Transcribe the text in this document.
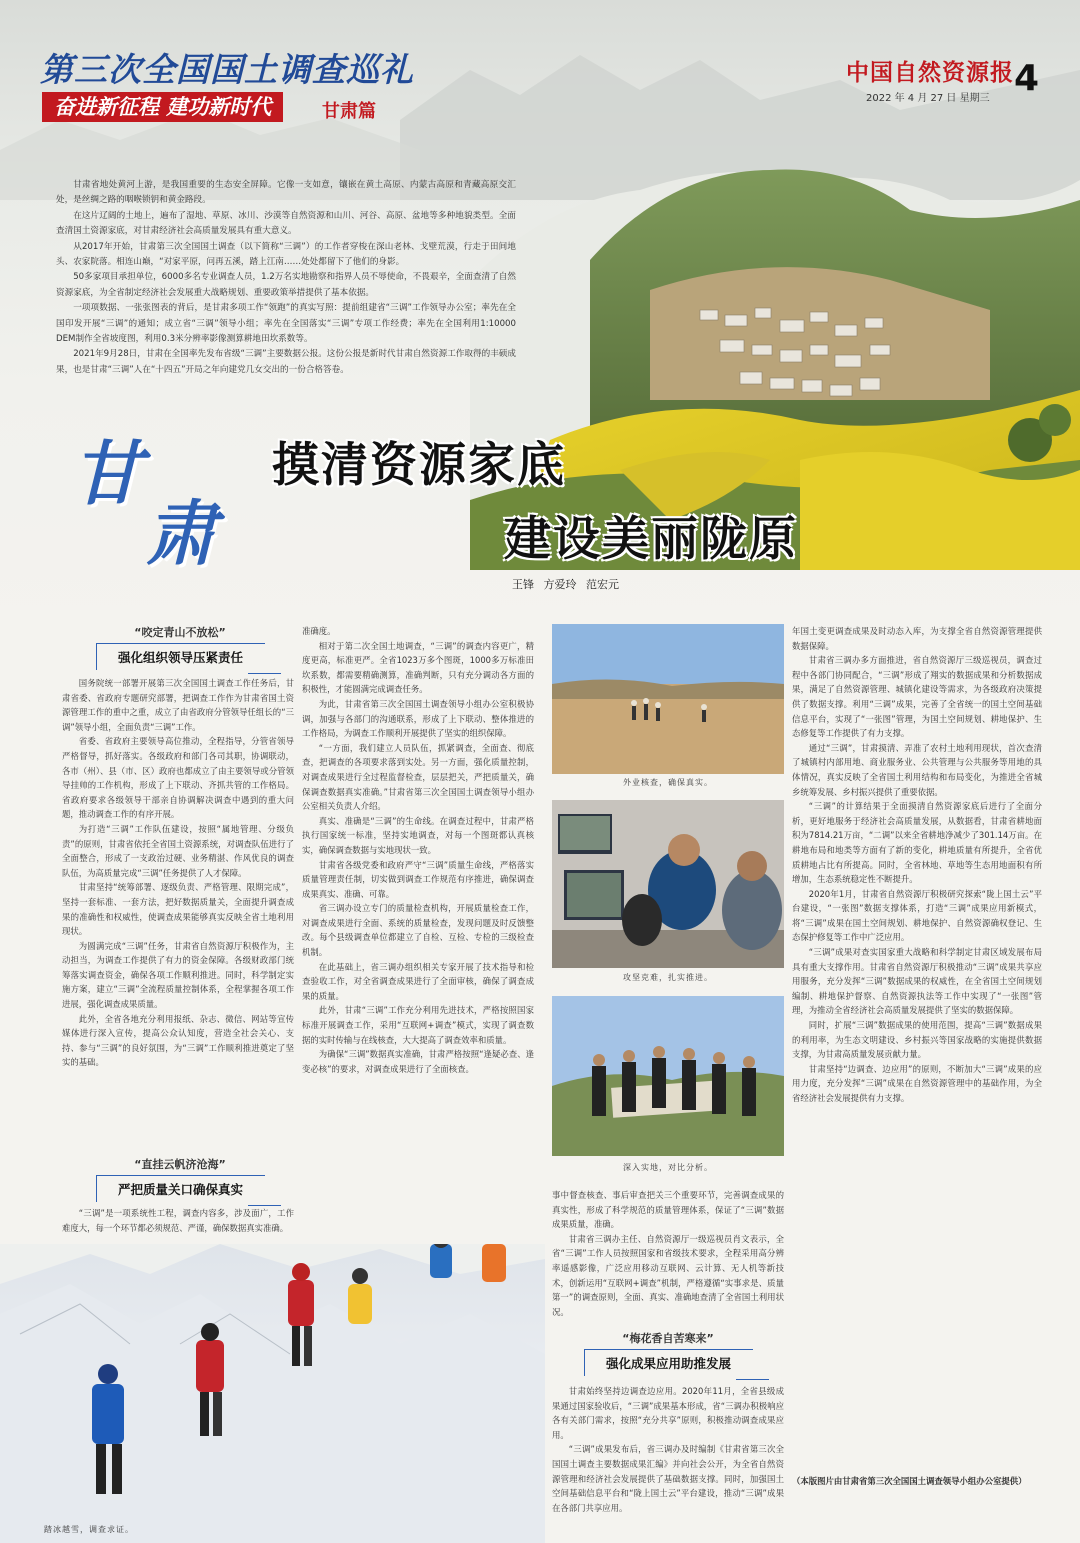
第三次全国国土调查巡礼
奋进新征程 建功新时代	甘肃篇
中国自然资源报
2022 年 4 月 27 日 星期三 4

甘肃省地处黄河上游，是我国重要的生态安全屏障。它像一支如意，镶嵌在黄土高原、内蒙古高原和青藏高原交汇处，是丝绸之路的咽喉锁钥和黄金路段。

在这片辽阔的土地上，遍布了湿地、草原、冰川、沙漠等自然资源和山川、河谷、高原、盆地等多种地貌类型。全面查清国土资源家底，对甘肃经济社会高质量发展具有重大意义。

从2017年开始，甘肃第三次全国国土调查（以下简称“三调”）的工作者穿梭在深山老林、戈壁荒漠，行走于田间地头、农家院落。相连山巅，“对家平原，问再五溪，踏上江南……处处都留下了他们的身影。

50多家项目承担单位，6000多名专业调查人员，1.2万名实地勘察和指界人员不辱使命，不畏艰辛，全面查清了自然资源家底，为全省制定经济社会发展重大战略规划、重要政策举措提供了基本依据。

一项项数据、一张张图表的背后，是甘肃多项工作“领跑”的真实写照：提前组建省“三调”工作领导办公室；率先在全国印发开展“三调”的通知；成立省“三调”领导小组；率先在全国落实“三调”专项工作经费；率先在全国利用1:10000 DEM制作全省坡度图，利用0.3米分辨率影像测算耕地田坎系数等。

2021年9月28日，甘肃在全国率先发布省级“三调”主要数据公报。这份公报是新时代甘肃自然资源工作取得的丰硕成果，也是甘肃“三调”人在“十四五”开局之年向建党几女交出的一份合格答卷。

甘
肃
摸清资源家底
建设美丽陇原
王锋 方爱玲 范宏元
“咬定青山不放松”
强化组织领导压紧责任

国务院统一部署开展第三次全国国土调查工作任务后，甘肃省委、省政府专题研究部署，把调查工作作为甘肃省国土资源管理工作的重中之重，成立了由省政府分管领导任组长的“三调”领导小组，全面负责“三调”工作。

省委、省政府主要领导高位推动，全程指导，分管省领导严格督导，抓好落实。各级政府和部门各司其职，协调联动，各市（州）、县（市、区）政府也都成立了由主要领导或分管领导挂帅的工作机构，形成了上下联动、齐抓共管的工作格局。省政府要求各级领导干部亲自协调解决调查中遇到的重大问题，推动调查工作的有序开展。

为打造“三调”工作队伍建设，按照“属地管理、分级负责”的原则，甘肃省依托全省国土资源系统，对调查队伍进行了全面整合，形成了一支政治过硬、业务精湛、作风优良的调查队伍，为高质量完成“三调”任务提供了人才保障。

甘肃坚持“统筹部署、逐级负责、严格管理、限期完成”，坚持一套标准、一套方法，把好数据质量关，全面提升调查成果的准确性和权威性，使调查成果能够真实反映全省土地利用现状。

为圆满完成“三调”任务，甘肃省自然资源厅积极作为，主动担当，为调查工作提供了有力的资金保障。各级财政部门统筹落实调查资金，确保各项工作顺利推进。同时，科学制定实施方案，建立“三调”全流程质量控制体系，全程掌握各项工作进展，强化调查成果质量。

此外，全省各地充分利用报纸、杂志、微信、网站等宣传媒体进行深入宣传，提高公众认知度，营造全社会关心、支持、参与“三调”的良好氛围，为“三调”工作顺利推进奠定了坚实的基础。

“直挂云帆济沧海”
严把质量关口确保真实

“三调”是一项系统性工程，调查内容多，涉及面广，工作难度大，每一个环节都必须规范、严谨，确保数据真实准确。

准确度。

相对于第二次全国土地调查，“三调”的调查内容更广，精度更高，标准更严。全省1023万多个图斑，1000多万标准田坎系数，都需要精确测算，准确判断，只有充分调动各方面的积极性，才能圆满完成调查任务。

为此，甘肃省第三次全国国土调查领导小组办公室积极协调，加强与各部门的沟通联系，形成了上下联动、整体推进的工作格局，为调查工作顺利开展提供了坚实的组织保障。

“一方面，我们建立人员队伍，抓紧调查，全面查、彻底查，把调查的各项要求落到实处。另一方面，强化质量控制，对调查成果进行全过程监督检查，层层把关，严把质量关，确保调查数据真实准确。”甘肃省第三次全国国土调查领导小组办公室相关负责人介绍。

真实、准确是“三调”的生命线。在调查过程中，甘肃严格执行国家统一标准，坚持实地调查，对每一个图斑都认真核实，确保调查数据与实地现状一致。

甘肃省各级党委和政府严守“三调”质量生命线，严格落实质量管理责任制，切实做到调查工作规范有序推进，确保调查成果真实、准确、可靠。

省三调办设立专门的质量检查机构，开展质量检查工作，对调查成果进行全面、系统的质量检查，发现问题及时反馈整改。每个县级调查单位都建立了自检、互检、专检的三级检查机制。

在此基础上，省三调办组织相关专家开展了技术指导和检查验收工作，对全省调查成果进行了全面审核，确保了调查成果的质量。

此外，甘肃“三调”工作充分利用先进技术，严格按照国家标准开展调查工作，采用“互联网+调查”模式，实现了调查数据的实时传输与在线核查，大大提高了调查效率和质量。

为确保“三调”数据真实准确，甘肃严格按照“逢疑必查、逢变必核”的要求，对调查成果进行了全面核查。

外业核查，确保真实。
攻坚克难，扎实推进。
深入实地，对比分析。

事中督查核查、事后审查把关三个重要环节，完善调查成果的真实性，形成了科学规范的质量管理体系，保证了“三调”数据成果质量，准确。

甘肃省三调办主任、自然资源厅一级巡视员肖文表示，全省“三调”工作人员按照国家和省级技术要求，全程采用高分辨率遥感影像，广泛应用移动互联网、云计算、无人机等新技术，创新运用“互联网+调查”机制，严格遵循“实事求是、质量第一”的调查原则，全面、真实、准确地查清了全省国土利用状况。

“梅花香自苦寒来”
强化成果应用助推发展

甘肃始终坚持边调查边应用。2020年11月，全省县级成果通过国家验收后，“三调”成果基本形成，省“三调办积极响应各有关部门需求，按照“充分共享”原则，积极推动调查成果应用。

“三调”成果发布后，省三调办及时编制《甘肃省第三次全国国土调查主要数据成果汇编》并向社会公开，为全省自然资源管理和经济社会发展提供了基础数据支撑。同时，加强国土空间基础信息平台和“陇上国土云”平台建设，推动“三调”成果在各部门共享应用。

年国土变更调查成果及时动态入库，为支撑全省自然资源管理提供数据保障。

甘肃省三调办多方面推进，省自然资源厅三级巡视员，调查过程中各部门协同配合，“三调”形成了翔实的数据成果和分析数据成果，满足了自然资源管理、城镇化建设等需求，为各级政府决策提供了数据支撑。利用“三调”成果，完善了全省统一的国土空间基础信息平台，实现了“一张图”管理，为国土空间规划、耕地保护、生态修复等工作提供了有力支撑。

通过“三调”，甘肃摸清、弄准了农村土地利用现状，首次查清了城镇村内部用地、商业服务业、公共管理与公共服务等用地的具体情况，真实反映了全省国土利用结构和布局变化，为推进全省城乡统筹发展、乡村振兴提供了重要依据。

“三调”的计算结果于全面摸清自然资源家底后进行了全面分析，更好地服务于经济社会高质量发展，从数据看，甘肃省耕地面积为7814.21万亩，“二调”以来全省耕地净减少了301.14万亩。在耕地布局和地类等方面有了新的变化，耕地质量有所提升，全省优质耕地占比有所提高。同时，全省林地、草地等生态用地面积有所增加，生态系统稳定性不断提升。

2020年1月，甘肃省自然资源厅积极研究探索“陇上国土云”平台建设，“一张图”数据支撑体系，打造“三调”成果应用新模式，将“三调”成果在国土空间规划、耕地保护、自然资源确权登记、生态保护修复等工作中广泛应用。

“三调”成果对查实国家重大战略和科学制定甘肃区域发展布局具有重大支撑作用。甘肃省自然资源厅积极推动“三调”成果共享应用服务，充分发挥“三调”数据成果的权威性，在全省国土空间规划编制、耕地保护督察、自然资源执法等工作中实现了“一张图”管理，为推动全省经济社会高质量发展提供了坚实的数据保障。

同时，扩展“三调”数据成果的使用范围，提高“三调”数据成果的利用率，为生态文明建设、乡村振兴等国家战略的实施提供数据支撑，为甘肃高质量发展贡献力量。

甘肃坚持“边调查、边应用”的原则，不断加大“三调”成果的应用力度，充分发挥“三调”成果在自然资源管理中的基础作用，为全省经济社会发展提供有力支撑。

（本版图片由甘肃省第三次全国国土调查领导小组办公室提供）
踏冰越雪，调查求证。
